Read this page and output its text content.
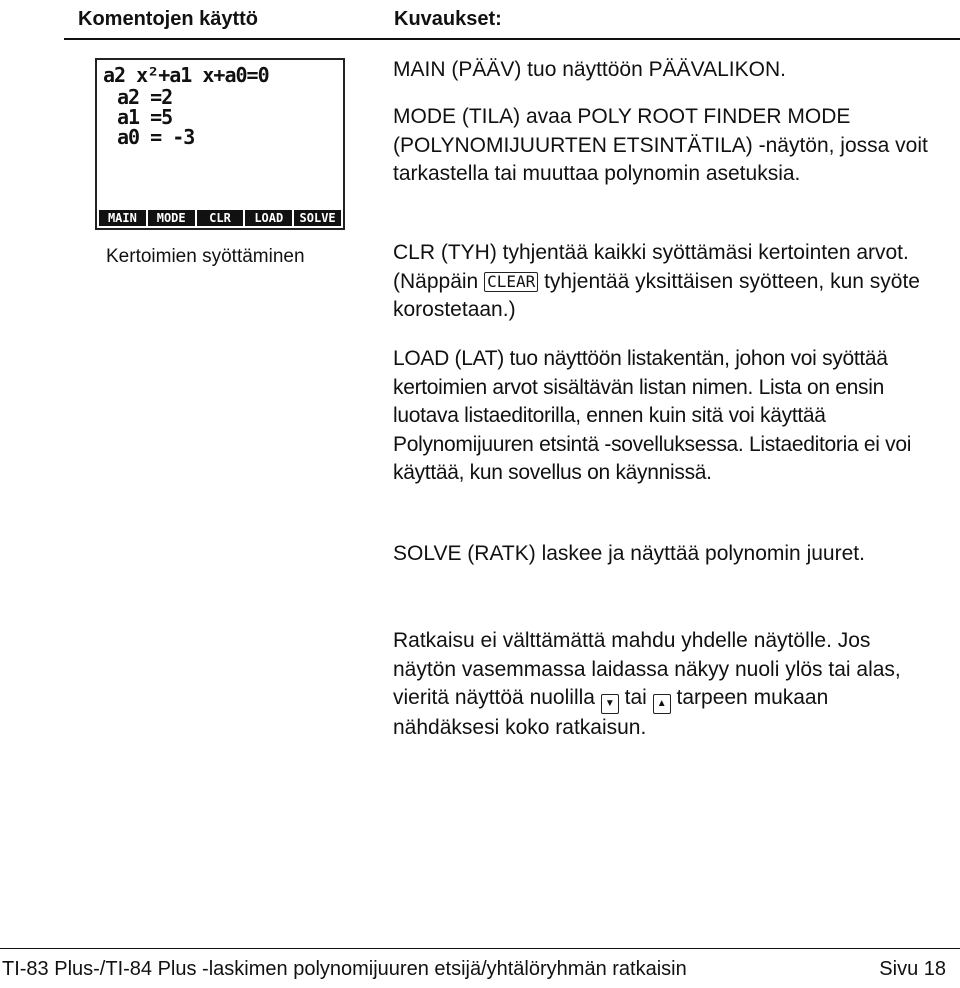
Komentojen käyttö	Kuvaukset:
a2 x²+a1 x+a0=0
a2 =2
a1 =5
a0 = -3
MAIN	MODE	CLR	LOAD	SOLVE
Kertoimien syöttäminen
MAIN (PÄÄV) tuo näyttöön PÄÄVALIKON.
MODE (TILA) avaa POLY ROOT FINDER MODE (POLYNOMIJUURTEN ETSINTÄTILA) -näytön, jossa voit tarkastella tai muuttaa polynomin asetuksia.
CLR (TYH) tyhjentää kaikki syöttämäsi kertointen arvot. (Näppäin CLEAR tyhjentää yksittäisen syötteen, kun syöte korostetaan.)
LOAD (LAT) tuo näyttöön listakentän, johon voi syöttää kertoimien arvot sisältävän listan nimen. Lista on ensin luotava listaeditorilla, ennen kuin sitä voi käyttää Polynomijuuren etsintä -sovelluksessa. Listaeditoria ei voi käyttää, kun sovellus on käynnissä.
SOLVE (RATK) laskee ja näyttää polynomin juuret.
Ratkaisu ei välttämättä mahdu yhdelle näytölle. Jos näytön vasemmassa laidassa näkyy nuoli ylös tai alas, vieritä näyttöä nuolilla ▼ tai ▲ tarpeen mukaan nähdäksesi koko ratkaisun.
TI-83 Plus-/TI-84 Plus -laskimen polynomijuuren etsijä/yhtälöryhmän ratkaisin	Sivu 18
